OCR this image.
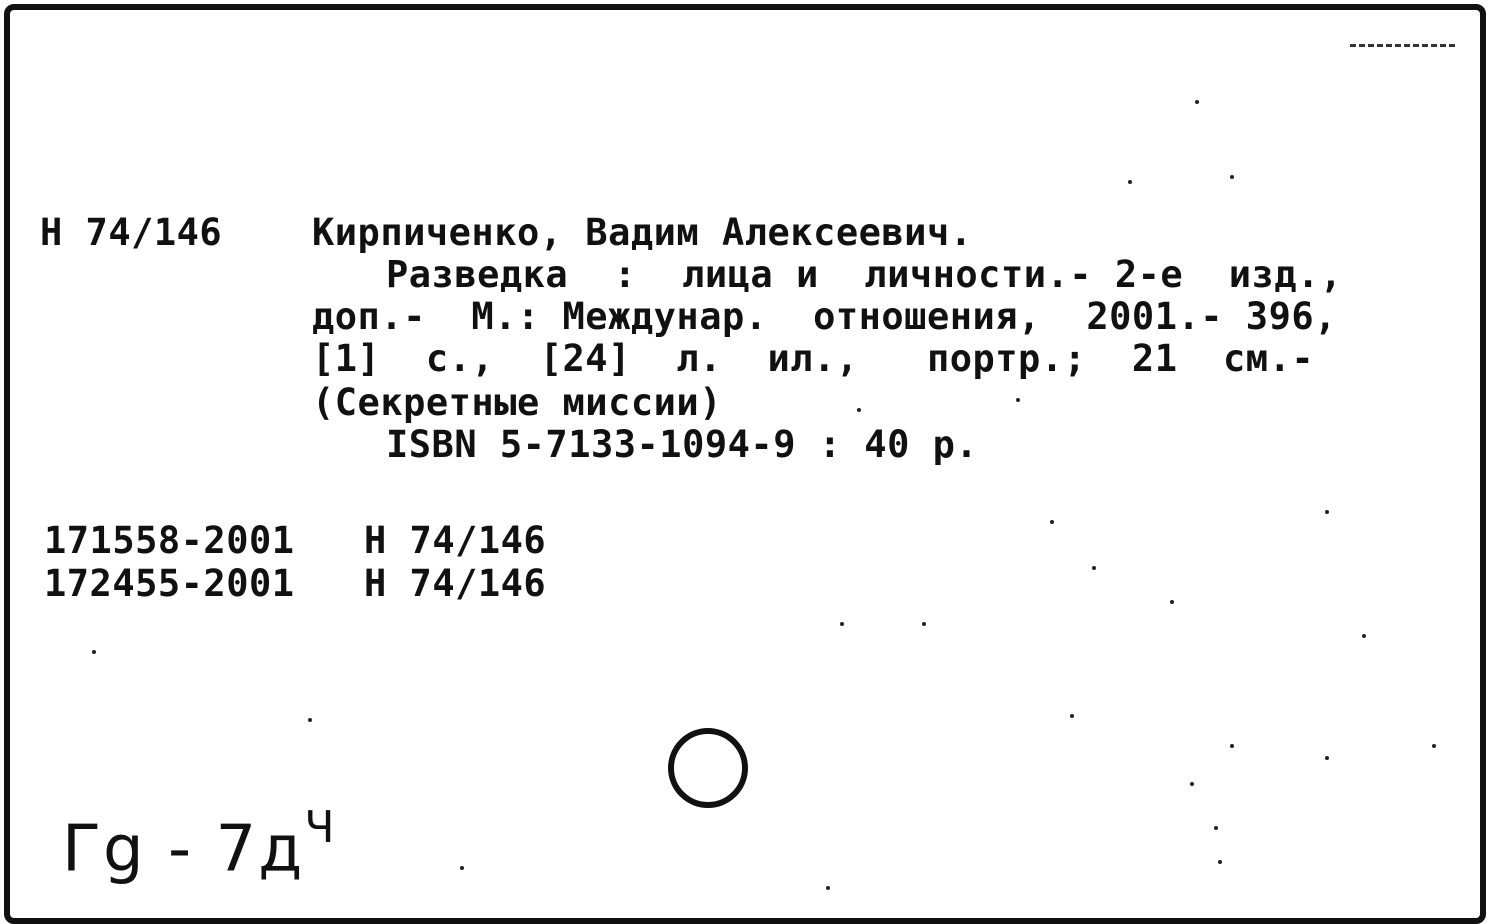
Н 74/146 Кирпиченко, Вадим Алексеевич.
Разведка  :  лица и  личности.- 2-е  изд.,
доп.-  М.: Междунар.  отношения,  2001.- 396,
[1]  с.,  [24]  л.  ил.,   портр.;  21  см.-
(Секретные миссии)
ISBN 5-7133-1094-9 : 40 р.
171558-2001 Н 74/146
172455-2001 Н 74/146
Гg - $7д^Ч$
